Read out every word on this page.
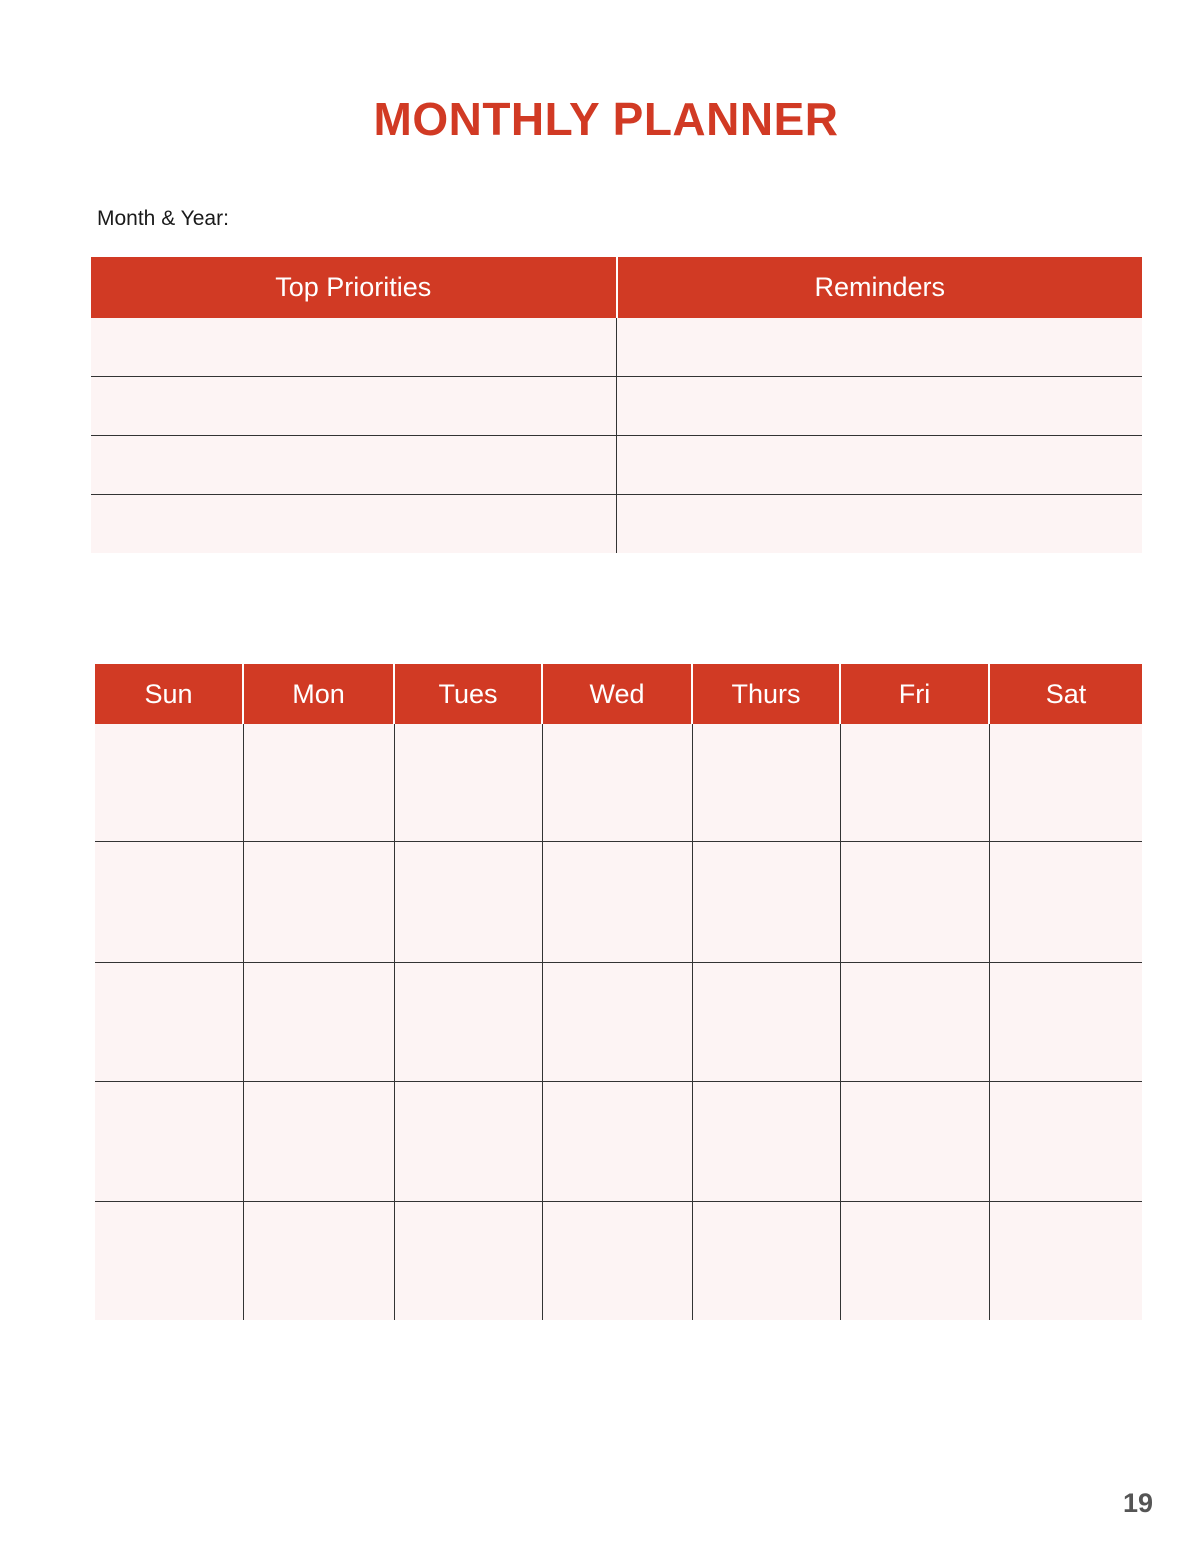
MONTHLY PLANNER
Month & Year:
Top Priorities	Reminders
Sun	Mon	Tues	Wed	Thurs	Fri	Sat
19
